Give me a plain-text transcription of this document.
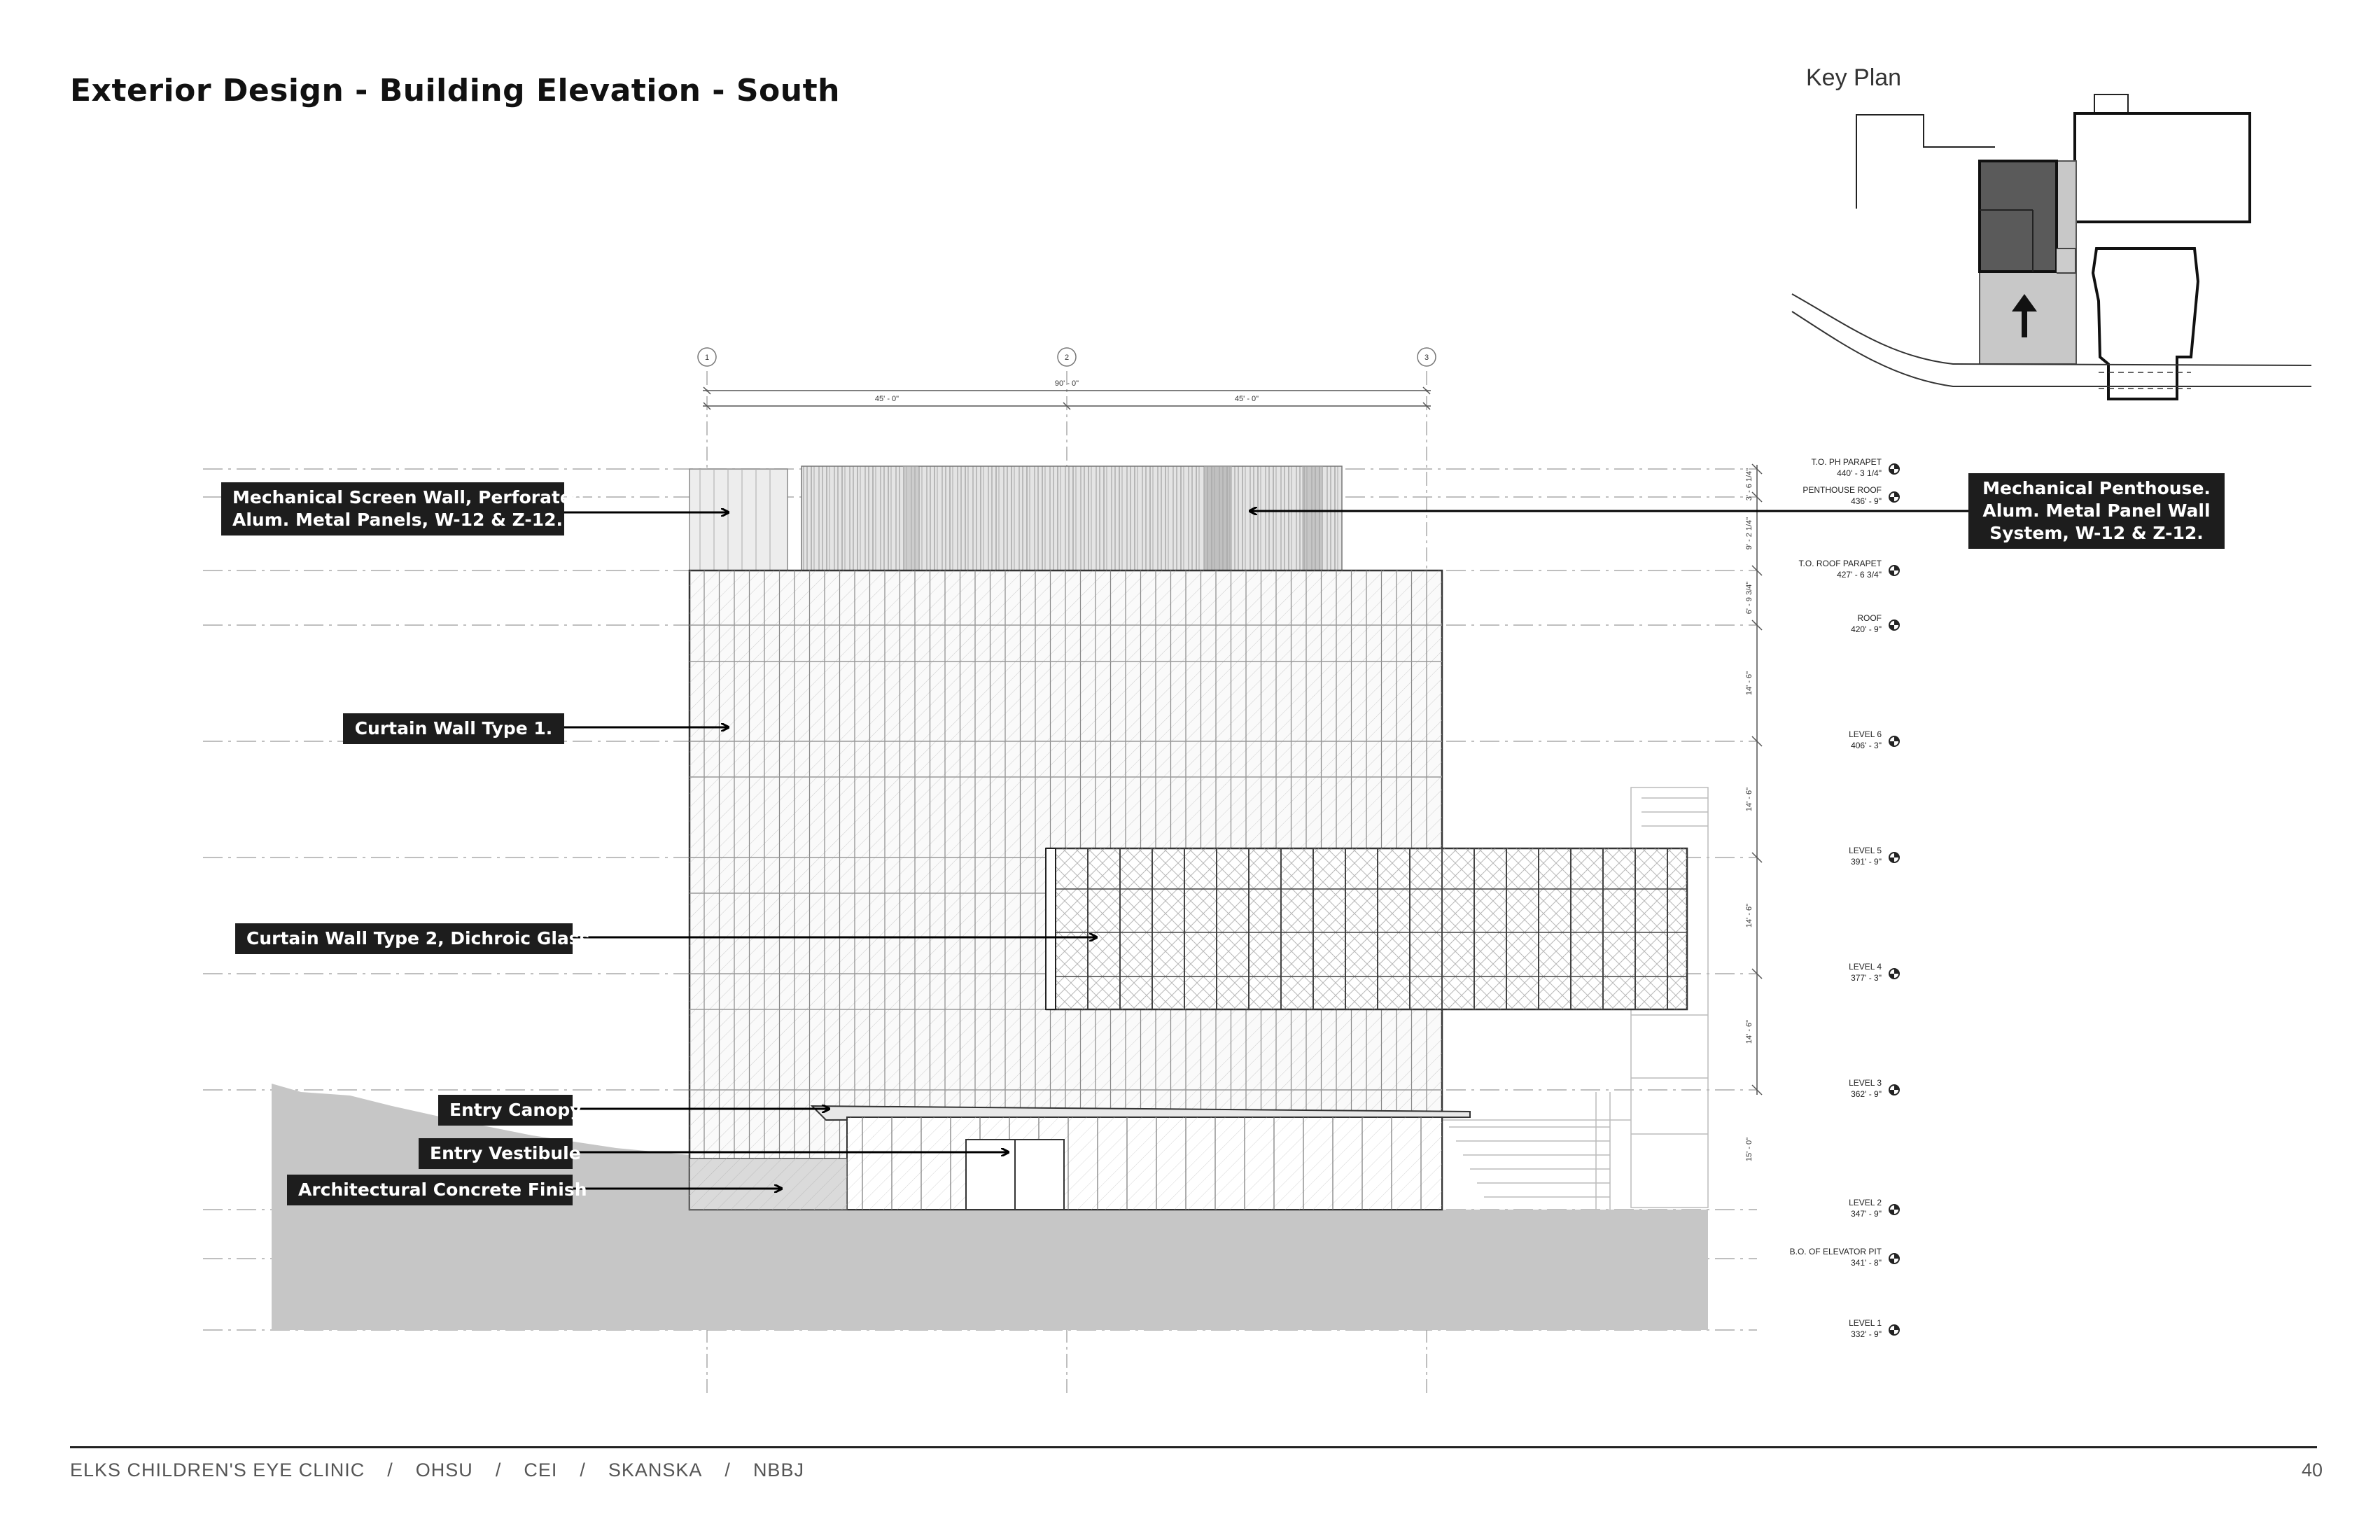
Exterior Design - Building Elevation - South	Key Plan
1	2	3
90' - 0"
45' - 0"	45' - 0"
3' - 6 1/4"
9' - 2 1/4"
6' - 9 3/4"
14' - 6"
14' - 6"
14' - 6"
14' - 6"
15' - 0"
T.O. PH PARAPET
440' - 3 1/4"
PENTHOUSE ROOF
436' - 9"
T.O. ROOF PARAPET
427' - 6 3/4"
ROOF
420' - 9"
LEVEL 6
406' - 3"
LEVEL 5
391' - 9"
LEVEL 4
377' - 3"
LEVEL 3
362' - 9"
LEVEL 2
347' - 9"
B.O. OF ELEVATOR PIT
341' - 8"
LEVEL 1
332' - 9"
Mechanical Screen Wall, Perforated
Alum. Metal Panels, W-12 & Z-12.
Mechanical Penthouse.
Alum. Metal Panel Wall
System, W-12 & Z-12.
Curtain Wall Type 1.
Curtain Wall Type 2, Dichroic Glass
Entry Canopy
Entry Vestibule
Architectural Concrete Finish
ELKS CHILDREN'S EYE CLINIC / OHSU / CEI / SKANSKA / NBBJ	40
